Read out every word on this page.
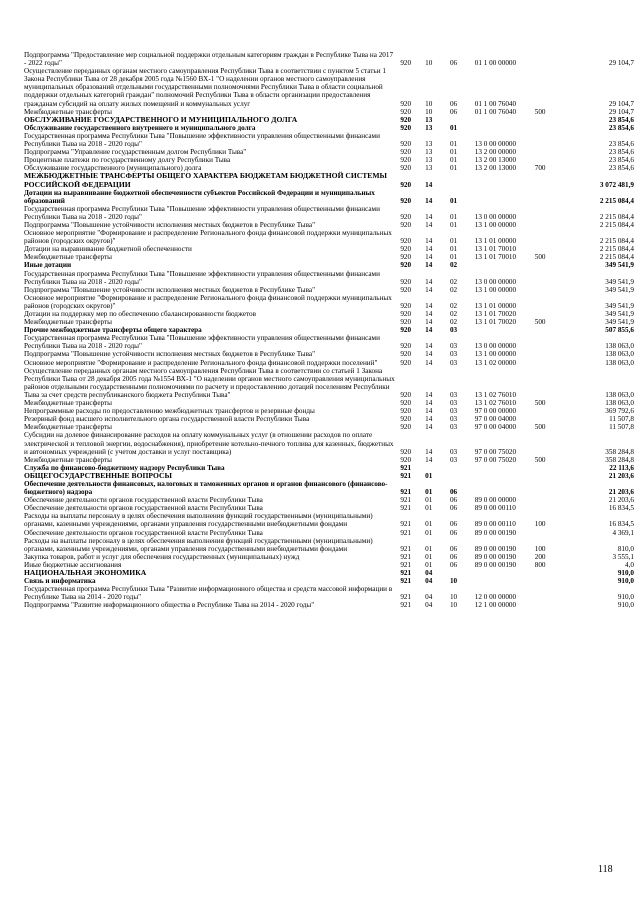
Подпрограмма "Предоставление мер социальной поддержки отдельным категориям граждан в Республике Тыва на 2017 - 2022 годы"	920	10	06	01 1 00 00000		29 104,7
Осуществление переданных органам местного самоуправления Республики Тыва в соответствии с пунктом 5 статьи 1 Закона Республики Тыва от 28 декабря 2005 года №1560 ВХ-1 "О наделении органов местного самоуправления муниципальных образований отдельными государственными полномочиями Республики Тыва в области социальной поддержки отдельных категорий граждан" полномочий Республики Тыва в области организации предоставления гражданам субсидий на оплату жилых помещений и коммунальных услуг	920	10	06	01 1 00 76040		29 104,7
Межбюджетные трансферты	920	10	06	01 1 00 76040	500	29 104,7
ОБСЛУЖИВАНИЕ ГОСУДАРСТВЕННОГО И МУНИЦИПАЛЬНОГО ДОЛГА	920	13				23 854,6
Обслуживание государственного внутреннего и муниципального долга	920	13	01			23 854,6
Государственная программа Республики Тыва "Повышение эффективности управления общественными финансами Республики Тыва на 2018 - 2020 годы"	920	13	01	13 0 00 00000		23 854,6
Подпрограмма "Управление государственным долгом Республики Тыва"	920	13	01	13 2 00 00000		23 854,6
Процентные платежи по государственному долгу Республики Тыва	920	13	01	13 2 00 13000		23 854,6
Обслуживание государственного (муниципального) долга	920	13	01	13 2 00 13000	700	23 854,6
МЕЖБЮДЖЕТНЫЕ ТРАНСФЕРТЫ ОБЩЕГО ХАРАКТЕРА БЮДЖЕТАМ БЮДЖЕТНОЙ СИСТЕМЫ РОССИЙСКОЙ ФЕДЕРАЦИИ	920	14				3 072 481,9
Дотации на выравнивание бюджетной обеспеченности субъектов Российской Федерации и муниципальных образований	920	14	01			2 215 084,4
Государственная программа Республики Тыва "Повышение эффективности управления общественными финансами Республики Тыва на 2018 - 2020 годы"	920	14	01	13 0 00 00000		2 215 084,4
Подпрограмма "Повышение устойчивости исполнения местных бюджетов в Республике Тыва"	920	14	01	13 1 00 00000		2 215 084,4
Основное мероприятие "Формирование и распределение Регионального фонда финансовой поддержки муниципальных районов (городских округов)"	920	14	01	13 1 01 00000		2 215 084,4
Дотации на выравнивание бюджетной обеспеченности	920	14	01	13 1 01 70010		2 215 084,4
Межбюджетные трансферты	920	14	01	13 1 01 70010	500	2 215 084,4
Иные дотации	920	14	02			349 541,9
Государственная программа Республики Тыва "Повышение эффективности управления общественными финансами Республики Тыва на 2018 - 2020 годы"	920	14	02	13 0 00 00000		349 541,9
Подпрограмма "Повышение устойчивости исполнения местных бюджетов в Республике Тыва"	920	14	02	13 1 00 00000		349 541,9
Основное мероприятие "Формирование и распределение Регионального фонда финансовой поддержки муниципальных районов (городских округов)"	920	14	02	13 1 01 00000		349 541,9
Дотации на поддержку мер по обеспечению сбалансированности бюджетов	920	14	02	13 1 01 70020		349 541,9
Межбюджетные трансферты	920	14	02	13 1 01 70020	500	349 541,9
Прочие межбюджетные трансферты общего характера	920	14	03			507 855,6
Государственная программа Республики Тыва "Повышение эффективности управления общественными финансами Республики Тыва на 2018 - 2020 годы"	920	14	03	13 0 00 00000		138 063,0
Подпрограмма "Повышение устойчивости исполнения местных бюджетов в Республике Тыва"	920	14	03	13 1 00 00000		138 063,0
Основное мероприятие "Формирование и распределение Регионального фонда финансовой поддержки поселений"	920	14	03	13 1 02 00000		138 063,0
Осуществление переданных органам местного самоуправления Республики Тыва в соответствии со статьей 1 Закона Республики Тыва от 28 декабря 2005 года №1554 ВХ-1 "О наделении органов местного самоуправления муниципальных районов отдельными государственными полномочиями по расчету и предоставлению дотаций поселениям Республики Тыва за счет средств республиканского бюджета Республики Тыва"	920	14	03	13 1 02 76010		138 063,0
Межбюджетные трансферты	920	14	03	13 1 02 76010	500	138 063,0
Непрограммные расходы по предоставлению межбюджетных трансфертов и резервные фонды	920	14	03	97 0 00 00000		369 792,6
Резервный фонд высшего исполнительного органа государственной власти Республики Тыва	920	14	03	97 0 00 04000		11 507,8
Межбюджетные трансферты	920	14	03	97 0 00 04000	500	11 507,8
Субсидии на долевое финансирование расходов на оплату коммунальных услуг (в отношении расходов по оплате электрической и тепловой энергии, водоснабжения), приобретение котельно-печного топлива для казенных, бюджетных и автономных учреждений (с учетом доставки и услуг поставщика)	920	14	03	97 0 00 75020		358 284,8
Межбюджетные трансферты	920	14	03	97 0 00 75020	500	358 284,8
Служба по финансово-бюджетному надзору Республики Тыва	921					22 113,6
ОБЩЕГОСУДАРСТВЕННЫЕ ВОПРОСЫ	921	01				21 203,6
Обеспечение деятельности финансовых, налоговых и таможенных органов и органов финансового (финансово-бюджетного) надзора	921	01	06			21 203,6
Обеспечение деятельности органов государственной власти Республики Тыва	921	01	06	89 0 00 00000		21 203,6
Обеспечение деятельности органов государственной власти Республики Тыва	921	01	06	89 0 00 00110		16 834,5
Расходы на выплаты персоналу в целях обеспечения выполнения функций государственными (муниципальными) органами, казенными учреждениями, органами управления государственными внебюджетными фондами	921	01	06	89 0 00 00110	100	16 834,5
Обеспечение деятельности органов государственной власти Республики Тыва	921	01	06	89 0 00 00190		4 369,1
Расходы на выплаты персоналу в целях обеспечения выполнения функций государственными (муниципальными) органами, казенными учреждениями, органами управления государственными внебюджетными фондами	921	01	06	89 0 00 00190	100	810,0
Закупка товаров, работ и услуг для обеспечения государственных (муниципальных) нужд	921	01	06	89 0 00 00190	200	3 555,1
Иные бюджетные ассигнования	921	01	06	89 0 00 00190	800	4,0
НАЦИОНАЛЬНАЯ ЭКОНОМИКА	921	04				910,0
Связь и информатика	921	04	10			910,0
Государственная программа Республики Тыва "Развитие информационного общества и средств массовой информации в Республике Тыва на 2014 - 2020 годы"	921	04	10	12 0 00 00000		910,0
Подпрограмма "Развитие информационного общества в Республике Тыва на 2014 - 2020 годы"	921	04	10	12 1 00 00000		910,0
118
